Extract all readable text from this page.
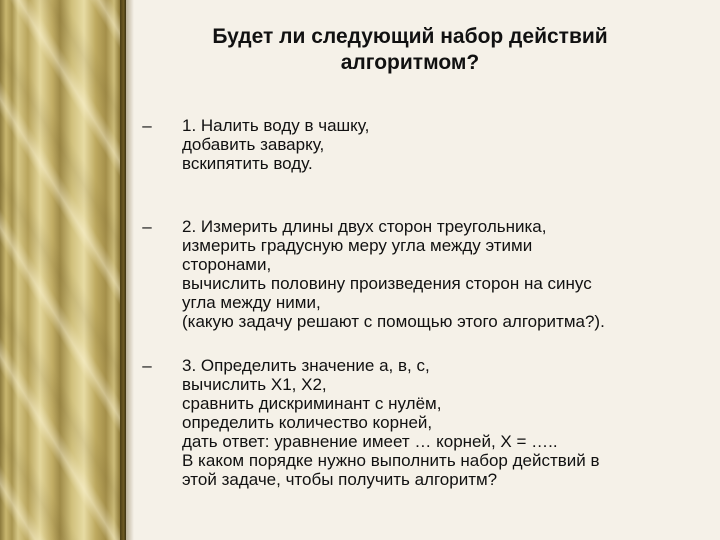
Будет ли следующий набор действий
алгоритмом?
– 1. Налить воду в чашку,
добавить заварку,
вскипятить воду.
– 2. Измерить длины двух сторон треугольника,
измерить градусную меру угла между этими
сторонами,
вычислить половину произведения сторон на синус
угла между ними,
(какую задачу решают с помощью этого алгоритма?).
– 3. Определить значение а, в, с,
вычислить Х1, Х2,
сравнить дискриминант с нулём,
определить количество корней,
дать ответ: уравнение имеет … корней, Х = …..
В каком порядке нужно выполнить набор действий в
этой задаче, чтобы получить алгоритм?
